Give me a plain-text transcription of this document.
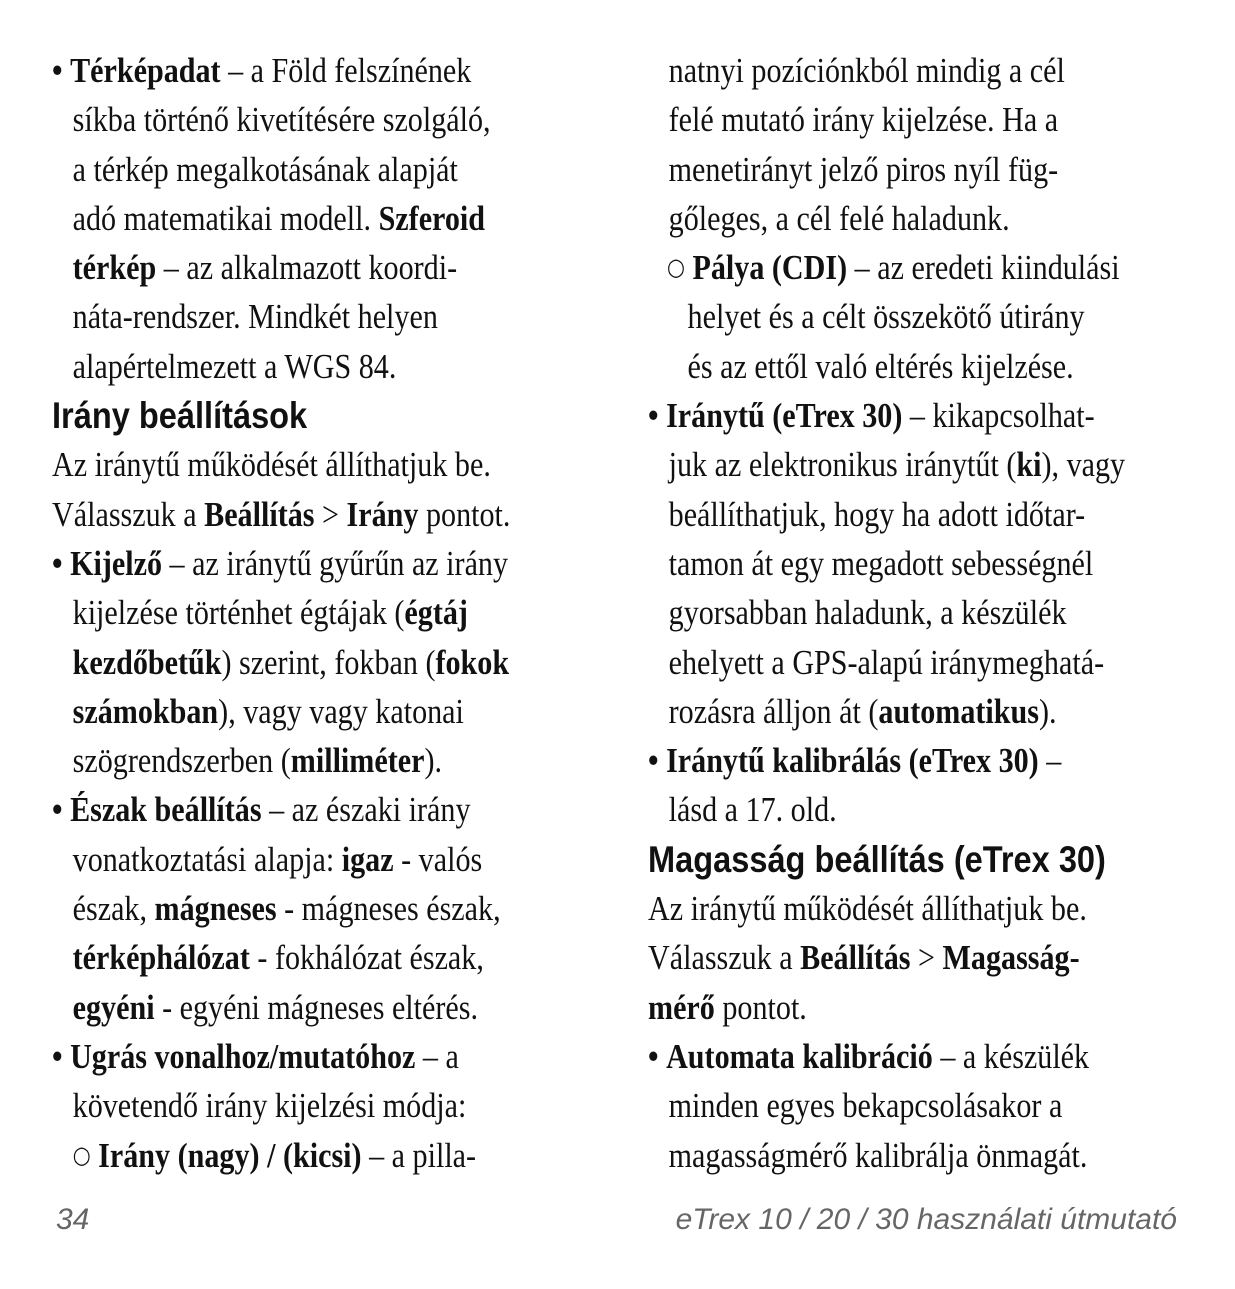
• Térképadat – a Föld felszínének
síkba történő kivetítésére szolgáló,
a térkép megalkotásának alapját
adó matematikai modell. Szferoid
térkép – az alkalmazott koordi-
náta-rendszer. Mindkét helyen
alapértelmezett a WGS 84.
Irány beállítások
Az iránytű működését állíthatjuk be.
Válasszuk a Beállítás > Irány pontot.
• Kijelző – az iránytű gyűrűn az irány
kijelzése történhet égtájak (égtáj
kezdőbetűk) szerint, fokban (fokok
számokban), vagy vagy katonai
szögrendszerben (milliméter).
• Észak beállítás – az északi irány
vonatkoztatási alapja: igaz - valós
észak, mágneses - mágneses észak,
térképhálózat - fokhálózat észak,
egyéni - egyéni mágneses eltérés.
• Ugrás vonalhoz/mutatóhoz – a
követendő irány kijelzési módja:
○ Irány (nagy) / (kicsi) – a pilla-
natnyi pozíciónkból mindig a cél
felé mutató irány kijelzése. Ha a
menetirányt jelző piros nyíl füg-
gőleges, a cél felé haladunk.
○ Pálya (CDI) – az eredeti kiindulási
helyet és a célt összekötő útirány
és az ettől való eltérés kijelzése.
• Iránytű (eTrex 30) – kikapcsolhat-
juk az elektronikus iránytűt (ki), vagy
beállíthatjuk, hogy ha adott időtar-
tamon át egy megadott sebességnél
gyorsabban haladunk, a készülék
ehelyett a GPS-alapú iránymeghatá-
rozásra álljon át (automatikus).
• Iránytű kalibrálás (eTrex 30) –
lásd a 17. old.
Magasság beállítás (eTrex 30)
Az iránytű működését állíthatjuk be.
Válasszuk a Beállítás > Magasság-
mérő pontot.
• Automata kalibráció – a készülék
minden egyes bekapcsolásakor a
magasságmérő kalibrálja önmagát.
34	eTrex 10 / 20 / 30 használati útmutató
